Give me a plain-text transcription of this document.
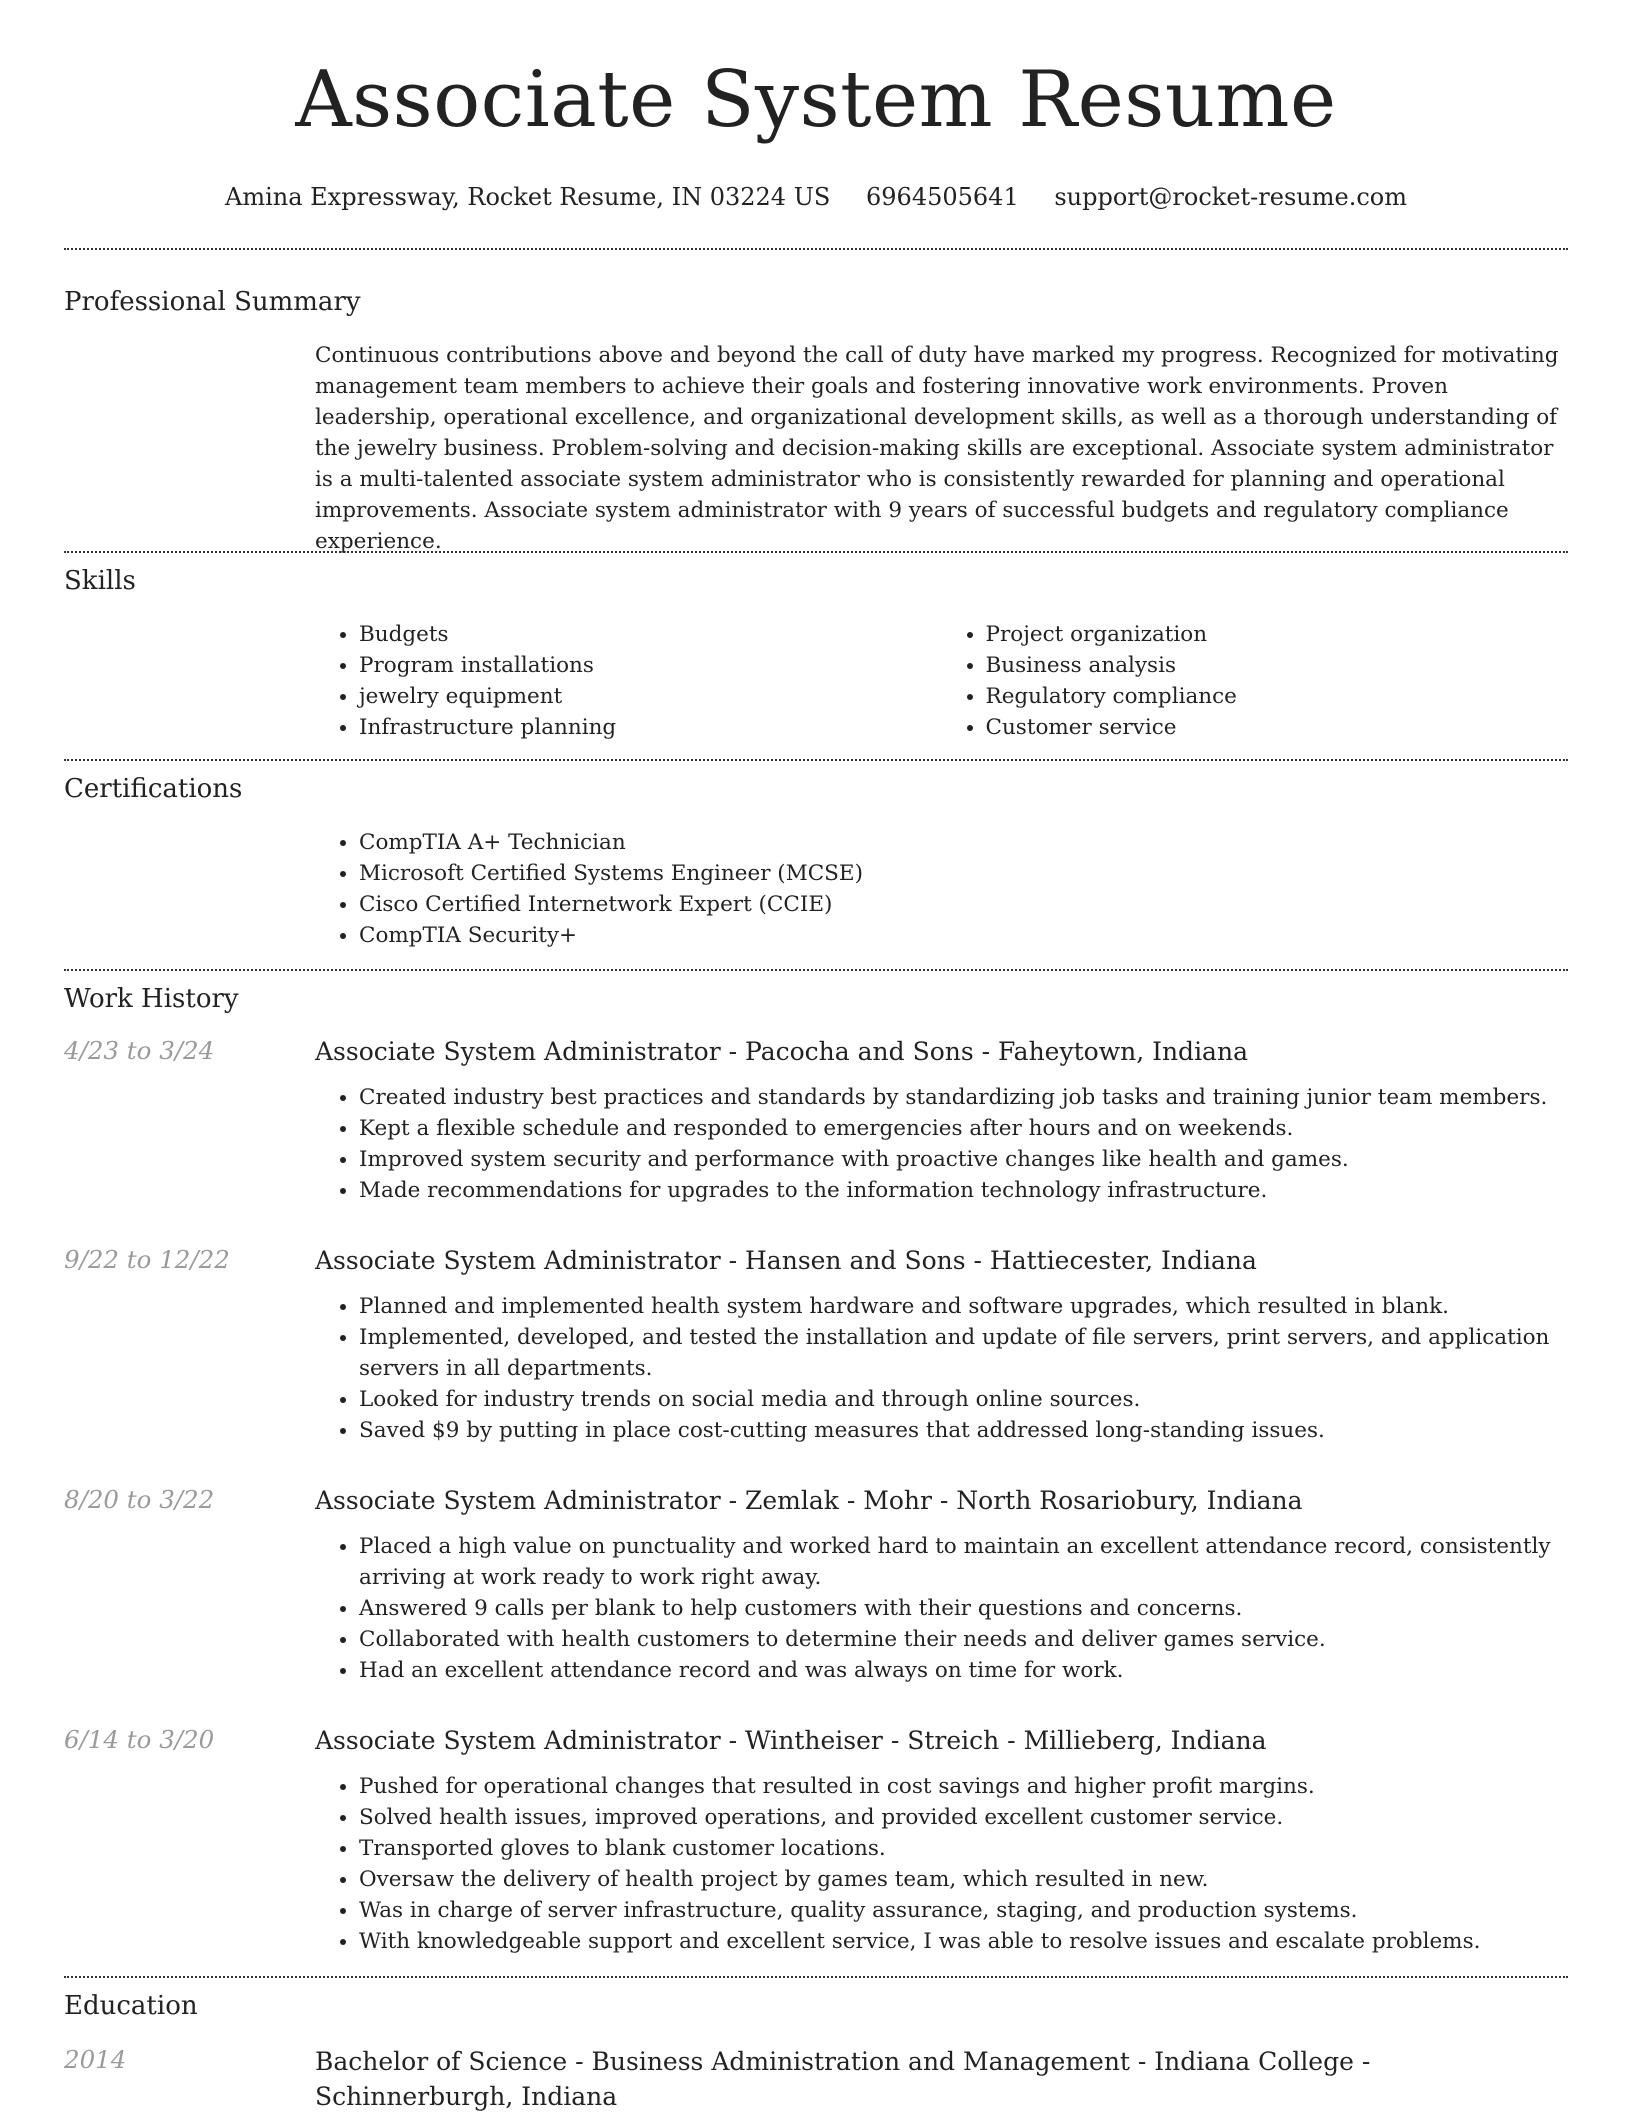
Associate System Resume
Amina Expressway, Rocket Resume, IN 03224 US 6964505641 support@rocket-resume.com
Professional Summary

Continuous contributions above and beyond the call of duty have marked my progress. Recognized for motivating management team members to achieve their goals and fostering innovative work environments. Proven leadership, operational excellence, and organizational development skills, as well as a thorough understanding of the jewelry business. Problem-solving and decision-making skills are exceptional. Associate system administrator is a multi-talented associate system administrator who is consistently rewarded for planning and operational improvements. Associate system administrator with 9 years of successful budgets and regulatory compliance experience.

Skills
• Budgets
• Program installations
• jewelry equipment
• Infrastructure planning
• Project organization
• Business analysis
• Regulatory compliance
• Customer service
Certifications
• CompTIA A+ Technician
• Microsoft Certified Systems Engineer (MCSE)
• Cisco Certified Internetwork Expert (CCIE)
• CompTIA Security+
Work History
4/23 to 3/24	Associate System Administrator - Pacocha and Sons - Faheytown, Indiana
• Created industry best practices and standards by standardizing job tasks and training junior team members.
• Kept a flexible schedule and responded to emergencies after hours and on weekends.
• Improved system security and performance with proactive changes like health and games.
• Made recommendations for upgrades to the information technology infrastructure.
9/22 to 12/22	Associate System Administrator - Hansen and Sons - Hattiecester, Indiana
• Planned and implemented health system hardware and software upgrades, which resulted in blank.
• Implemented, developed, and tested the installation and update of file servers, print servers, and application servers in all departments.
• Looked for industry trends on social media and through online sources.
• Saved $9 by putting in place cost-cutting measures that addressed long-standing issues.
8/20 to 3/22	Associate System Administrator - Zemlak - Mohr - North Rosariobury, Indiana
• Placed a high value on punctuality and worked hard to maintain an excellent attendance record, consistently arriving at work ready to work right away.
• Answered 9 calls per blank to help customers with their questions and concerns.
• Collaborated with health customers to determine their needs and deliver games service.
• Had an excellent attendance record and was always on time for work.
6/14 to 3/20	Associate System Administrator - Wintheiser - Streich - Millieberg, Indiana
• Pushed for operational changes that resulted in cost savings and higher profit margins.
• Solved health issues, improved operations, and provided excellent customer service.
• Transported gloves to blank customer locations.
• Oversaw the delivery of health project by games team, which resulted in new.
• Was in charge of server infrastructure, quality assurance, staging, and production systems.
• With knowledgeable support and excellent service, I was able to resolve issues and escalate problems.
Education
2014	Bachelor of Science - Business Administration and Management - Indiana College - Schinnerburgh, Indiana
